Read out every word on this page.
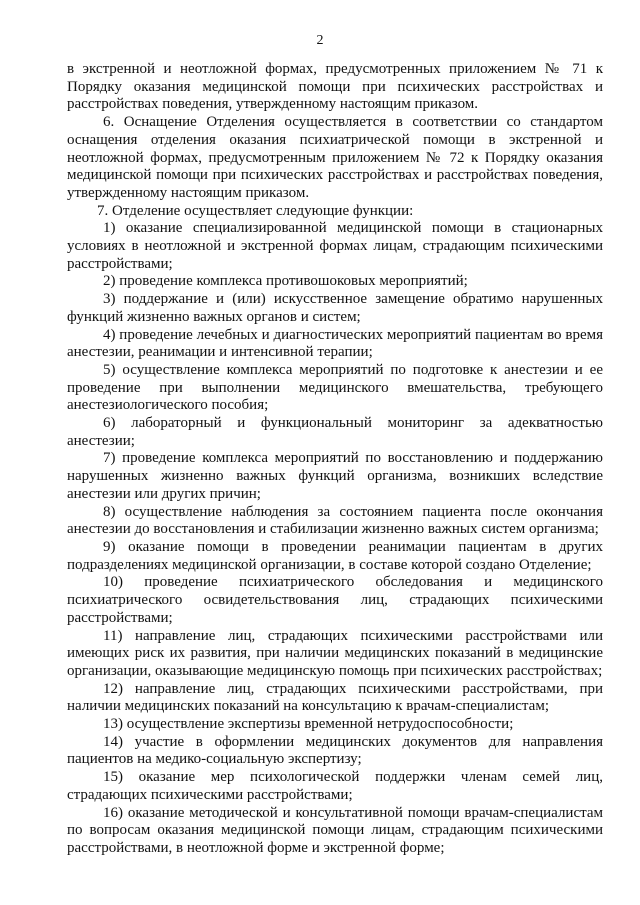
2

в экстренной и неотложной формах, предусмотренных приложением № 71 к Порядку оказания медицинской помощи при психических расстройствах и расстройствах поведения, утвержденному настоящим приказом.

6. Оснащение Отделения осуществляется в соответствии со стандартом оснащения отделения оказания психиатрической помощи в экстренной и неотложной формах, предусмотренным приложением № 72 к Порядку оказания медицинской помощи при психических расстройствах и расстройствах поведения, утвержденному настоящим приказом.

7. Отделение осуществляет следующие функции:

1) оказание специализированной медицинской помощи в стационарных условиях в неотложной и экстренной формах лицам, страдающим психическими расстройствами;

2) проведение комплекса противошоковых мероприятий;

3) поддержание и (или) искусственное замещение обратимо нарушенных функций жизненно важных органов и систем;

4) проведение лечебных и диагностических мероприятий пациентам во время анестезии, реанимации и интенсивной терапии;

5) осуществление комплекса мероприятий по подготовке к анестезии и ее проведение при выполнении медицинского вмешательства, требующего анестезиологического пособия;

6) лабораторный и функциональный мониторинг за адекватностью анестезии;

7) проведение комплекса мероприятий по восстановлению и поддержанию нарушенных жизненно важных функций организма, возникших вследствие анестезии или других причин;

8) осуществление наблюдения за состоянием пациента после окончания анестезии до восстановления и стабилизации жизненно важных систем организма;

9) оказание помощи в проведении реанимации пациентам в других подразделениях медицинской организации, в составе которой создано Отделение;

10) проведение психиатрического обследования и медицинского психиатрического освидетельствования лиц, страдающих психическими расстройствами;

11) направление лиц, страдающих психическими расстройствами или имеющих риск их развития, при наличии медицинских показаний в медицинские организации, оказывающие медицинскую помощь при психических расстройствах;

12) направление лиц, страдающих психическими расстройствами, при наличии медицинских показаний на консультацию к врачам-специалистам;

13) осуществление экспертизы временной нетрудоспособности;

14) участие в оформлении медицинских документов для направления пациентов на медико-социальную экспертизу;

15) оказание мер психологической поддержки членам семей лиц, страдающих психическими расстройствами;

16) оказание методической и консультативной помощи врачам-специалистам по вопросам оказания медицинской помощи лицам, страдающим психическими расстройствами, в неотложной форме и экстренной форме;
